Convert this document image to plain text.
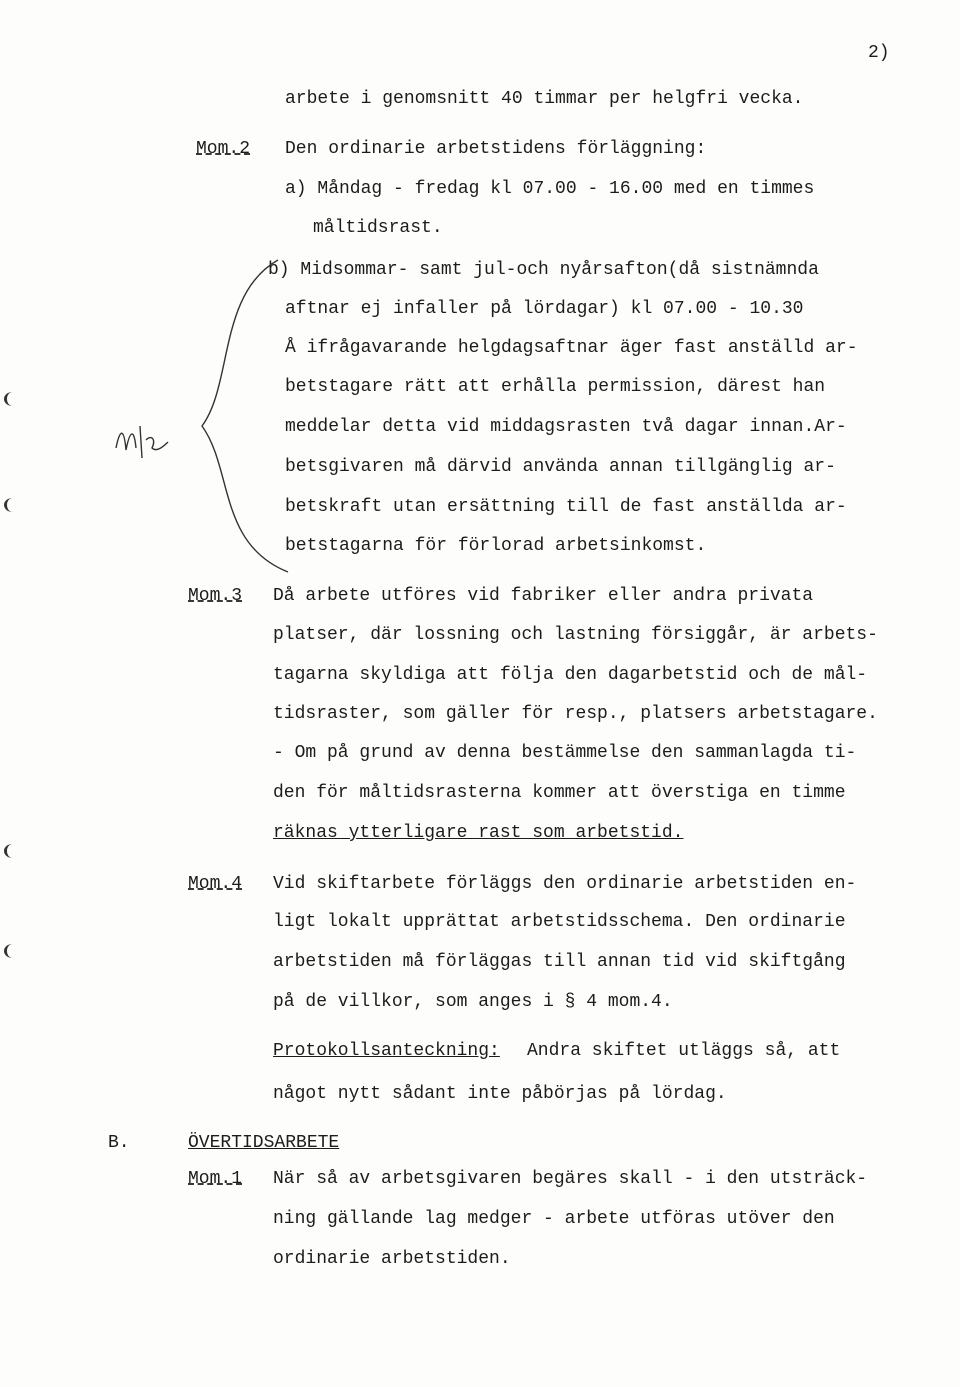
2)
arbete i genomsnitt 40 timmar per helgfri vecka.
Mom.2 Den ordinarie arbetstidens förläggning:
a) Måndag - fredag kl 07.00 - 16.00 med en timmes
måltidsrast.
b) Midsommar- samt jul-och nyårsafton(då sistnämnda
aftnar ej infaller på lördagar) kl 07.00 - 10.30
Å ifrågavarande helgdagsaftnar äger fast anställd ar-
betstagare rätt att erhålla permission, därest han
meddelar detta vid middagsrasten två dagar innan.Ar-
betsgivaren må därvid använda annan tillgänglig ar-
betskraft utan ersättning till de fast anställda ar-
betstagarna för förlorad arbetsinkomst.
Mom.3 Då arbete utföres vid fabriker eller andra privata
platser, där lossning och lastning försiggår, är arbets-
tagarna skyldiga att följa den dagarbetstid och de mål-
tidsraster, som gäller för resp., platsers arbetstagare.
- Om på grund av denna bestämmelse den sammanlagda ti-
den för måltidsrasterna kommer att överstiga en timme
räknas ytterligare rast som arbetstid.
Mom.4 Vid skiftarbete förläggs den ordinarie arbetstiden en-
ligt lokalt upprättat arbetstidsschema. Den ordinarie
arbetstiden må förläggas till annan tid vid skiftgång
på de villkor, som anges i § 4 mom.4.
Protokollsanteckning: Andra skiftet utläggs så, att
något nytt sådant inte påbörjas på lördag.
B.	ÖVERTIDSARBETE
Mom.1 När så av arbetsgivaren begäres skall - i den utsträck-
ning gällande lag medger - arbete utföras utöver den
ordinarie arbetstiden.
